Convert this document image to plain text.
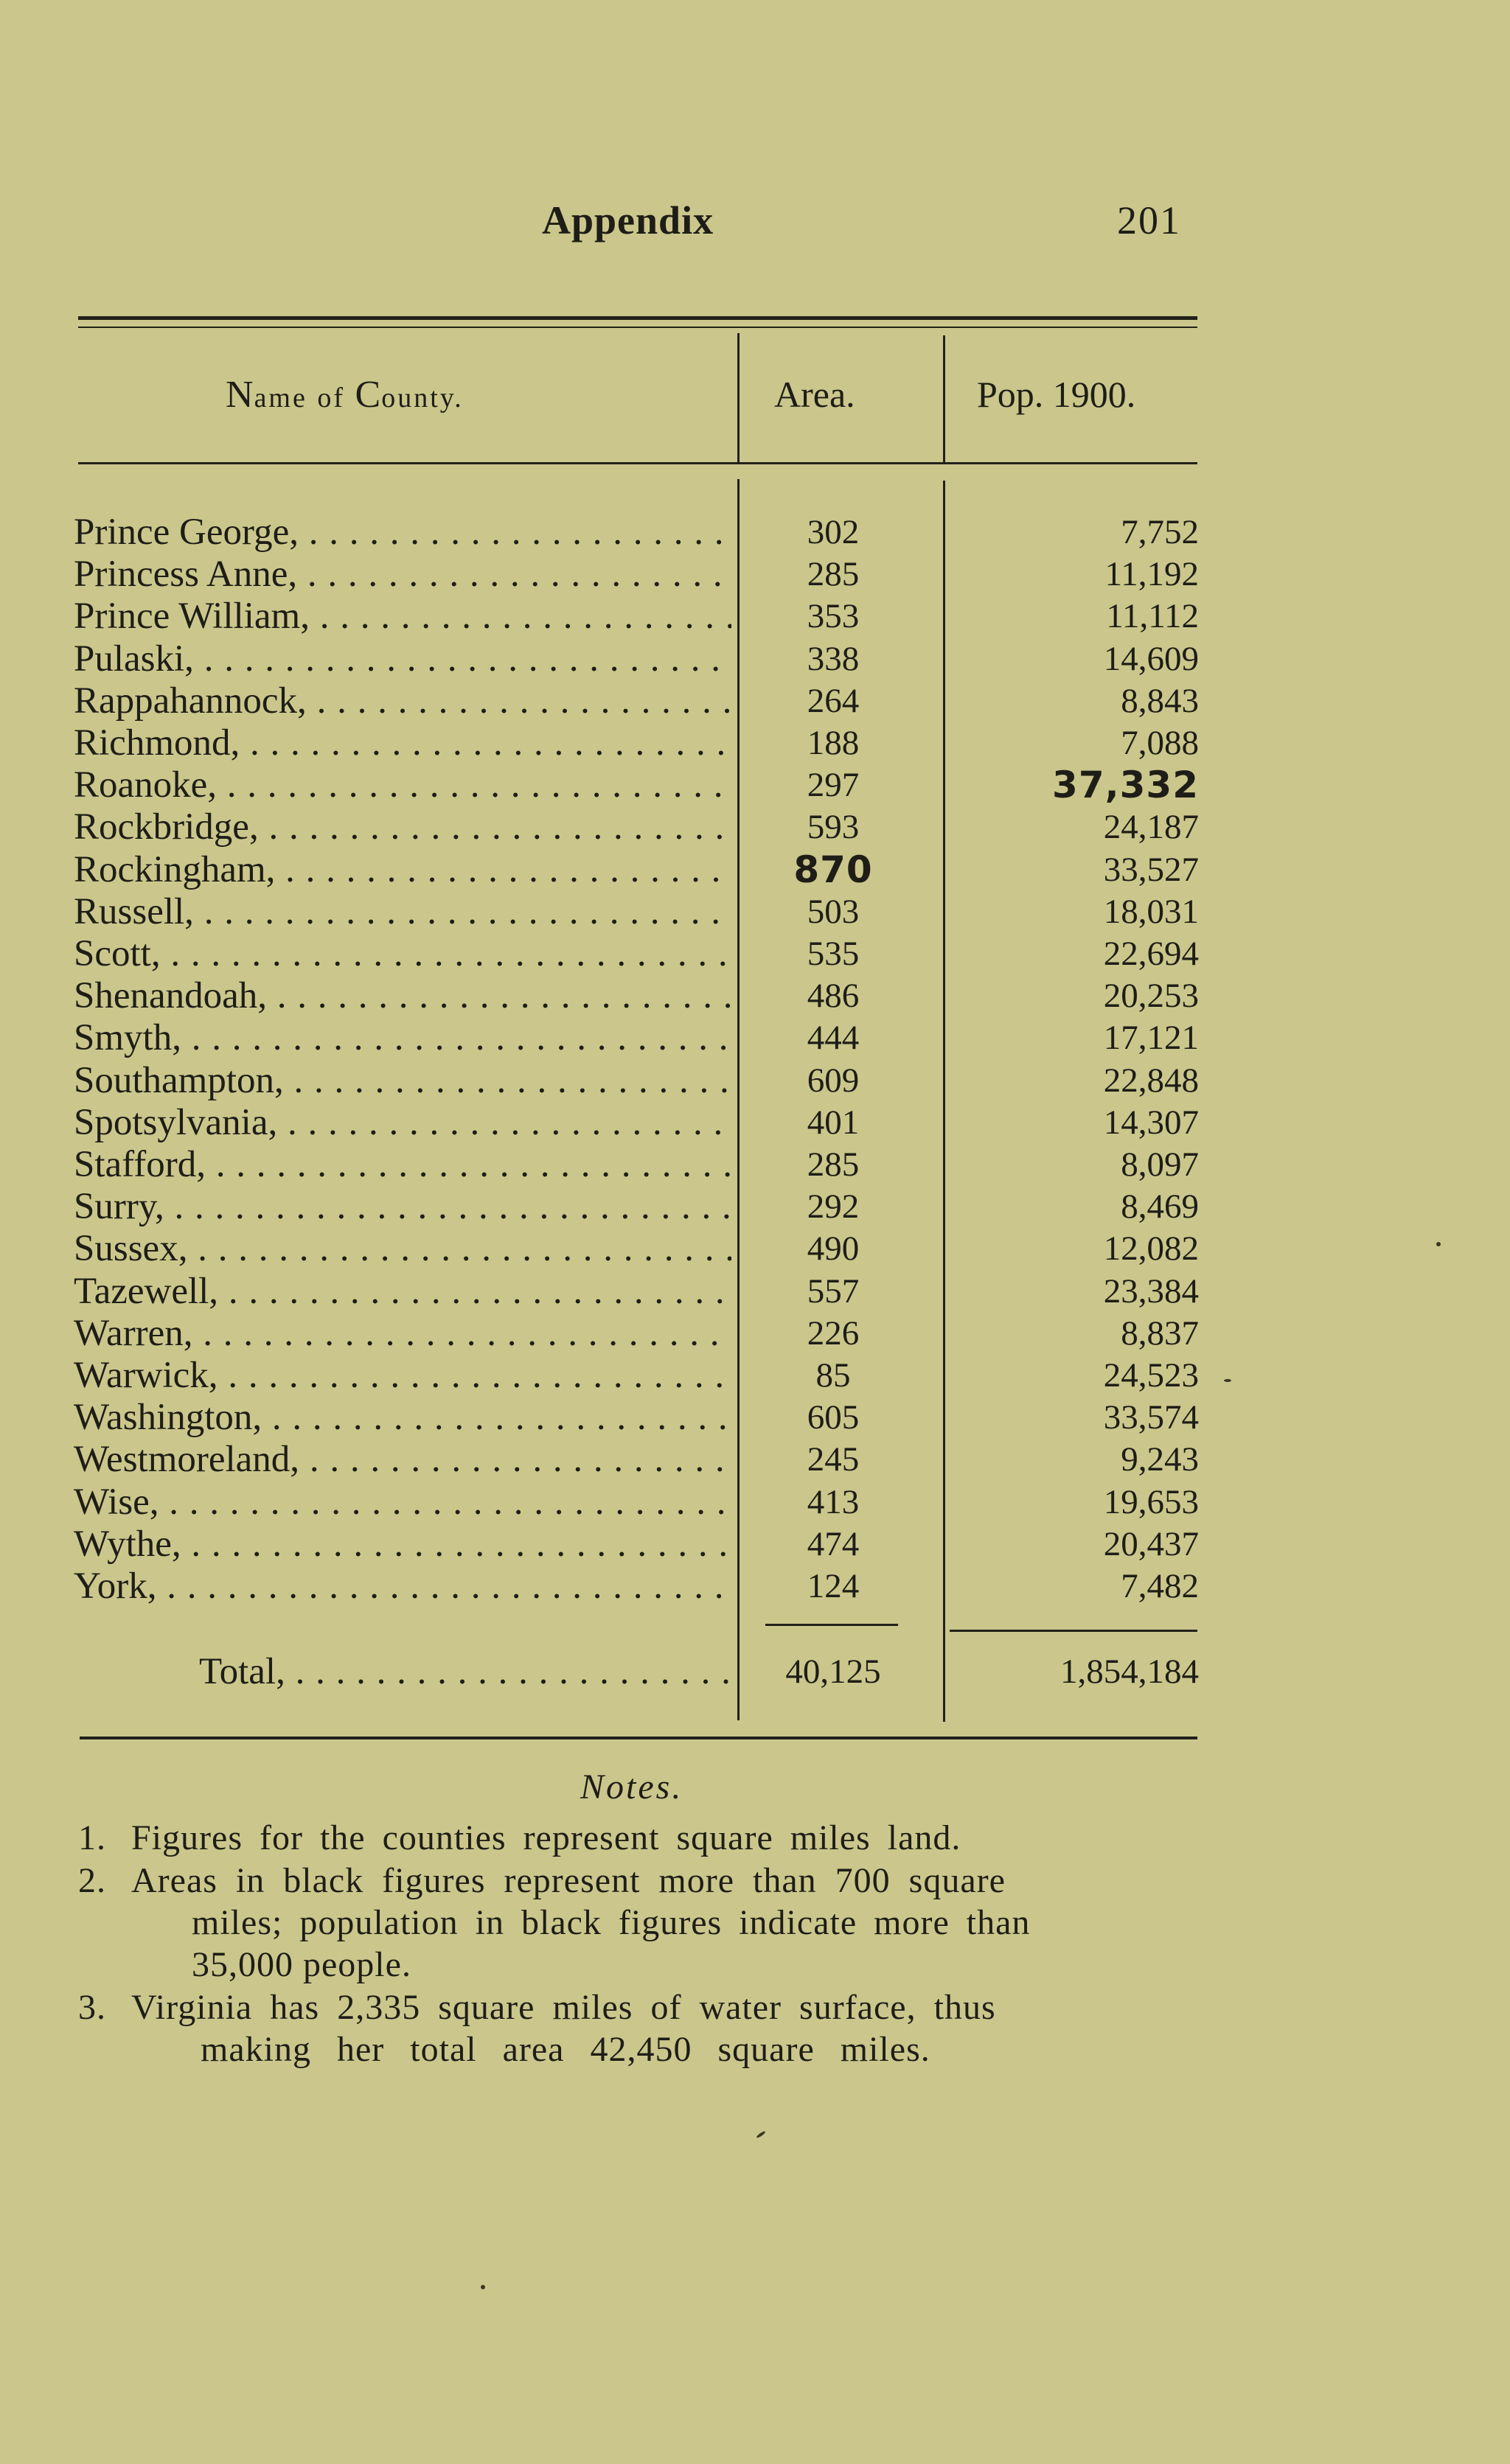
Appendix	201
Name of County.	Area.	Pop. 1900.
Prince George, . . .	302	7,752
Princess Anne, . . .	285	11,192
Prince William, . . .	353	11,112
Pulaski, . . .	338	14,609
Rappahannock, . . .	264	8,843
Richmond, . . .	188	7,088
Roanoke, . . .	297	37,332
Rockbridge, . . .	593	24,187
Rockingham, . . .	870	33,527
Russell, . . .	503	18,031
Scott, . . .	535	22,694
Shenandoah, . . .	486	20,253
Smyth, . . .	444	17,121
Southampton, . . .	609	22,848
Spotsylvania, . . .	401	14,307
Stafford, . . .	285	8,097
Surry, . . .	292	8,469
Sussex, . . .	490	12,082
Tazewell, . . .	557	23,384
Warren, . . .	226	8,837
Warwick, . . .	85	24,523
Washington, . . .	605	33,574
Westmoreland, . . .	245	9,243
Wise, . . .	413	19,653
Wythe, . . .	474	20,437
York, . . .	124	7,482
Total, . . .	40,125	1,854,184
Notes.
1. Figures for the counties represent square miles land.
2. Areas in black figures represent more than 700 square
miles; population in black figures indicate more than
35,000 people.
3. Virginia has 2,335 square miles of water surface, thus
making her total area 42,450 square miles.
